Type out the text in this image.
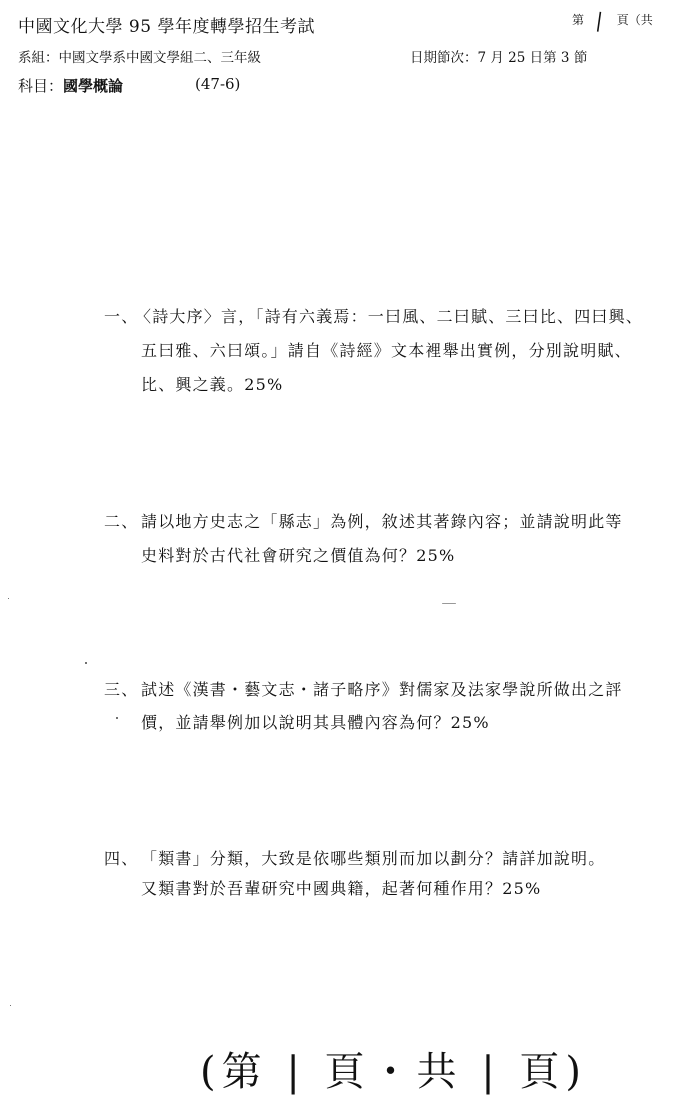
中國文化大學 95 學年度轉學招生考試	第 | 頁（共
系組：中國文學系中國文學組二、三年級	日期節次：7 月 25 日第 3 節
科目：國學概論	(47-6)
一、
〈詩大序〉言，「詩有六義焉：一曰風、二曰賦、三曰比、四曰興、
五曰雅、六曰頌。」請自《詩經》文本裡舉出實例，分別說明賦、
比、興之義。25%
二、 請以地方史志之「縣志」為例，敘述其著錄內容；並請說明此等
史料對於古代社會研究之價值為何？25%
三、 試述《漢書・藝文志・諸子略序》對儒家及法家學說所做出之評
價，並請舉例加以說明其具體內容為何？25%
四、 「類書」分類，大致是依哪些類別而加以劃分？請詳加說明。
又類書對於吾輩研究中國典籍，起著何種作用？25%
(第 | 頁・共 | 頁)
